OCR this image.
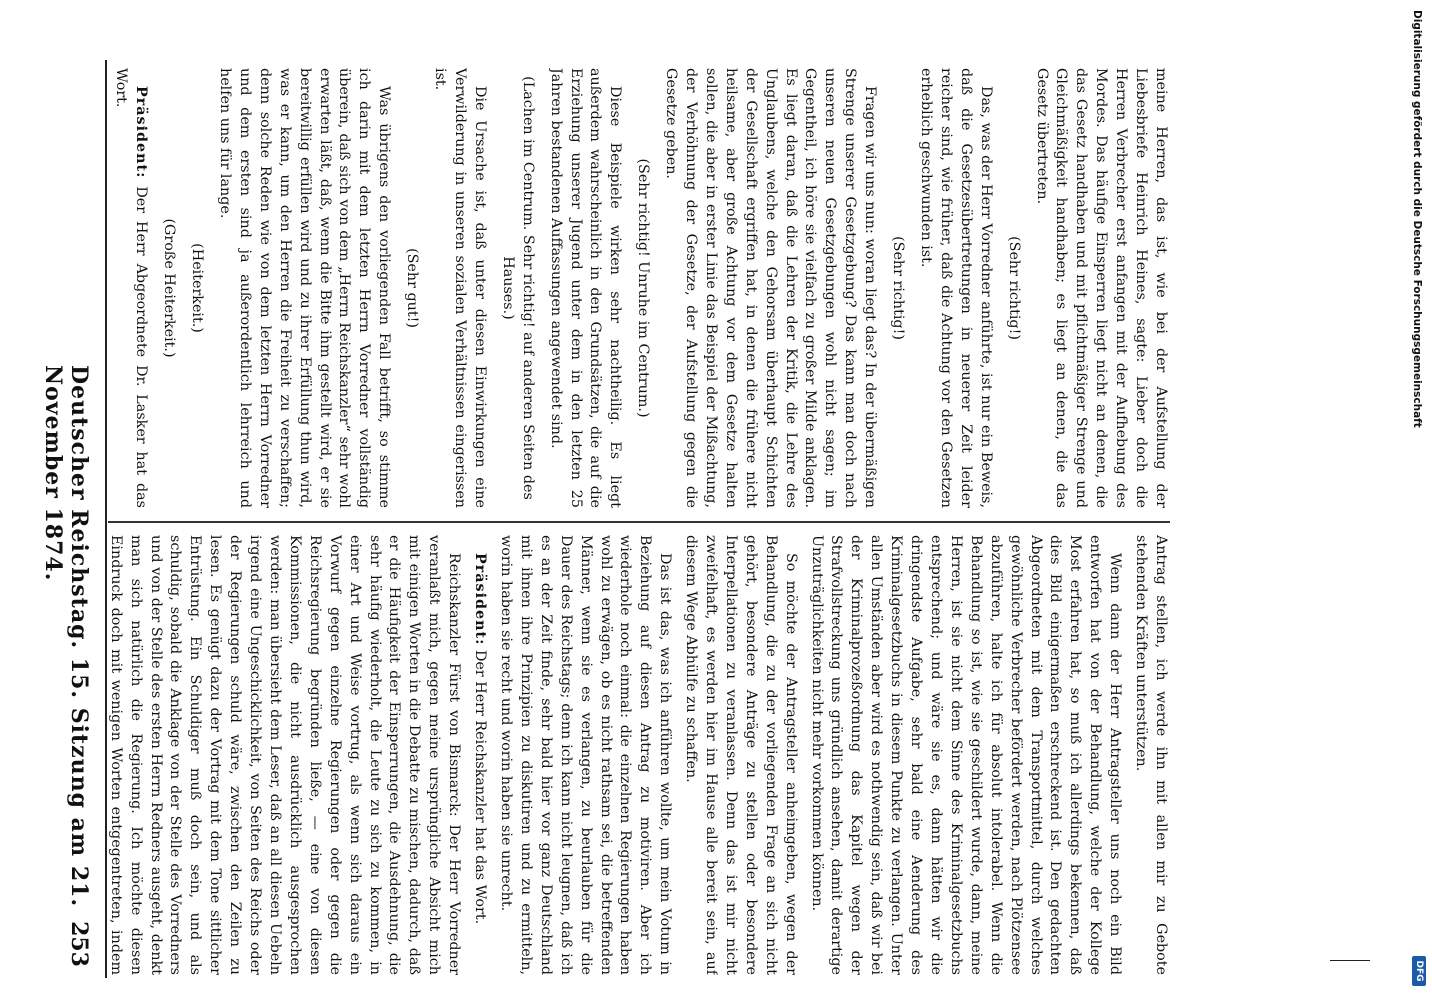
Digitalisierung gefördert durch die Deutsche Forschungsgemeinschaft
DFG
Deutscher Reichstag. 15. Sitzung am 21. November 1874.
253	Antrag stellen, ich werde ihn mit allen mir zu Gebote stehenden Kräften unterstützen.

Wenn dann der Herr Antragsteller uns noch ein Bild entworfen hat von der Behandlung, welche der Kollege Most erfahren hat, so muß ich allerdings bekennen, daß dies Bild einigermaßen erschreckend ist. Den gedachten Abgeordneten mit dem Transportmittel, durch welches gewöhnliche Verbrecher befördert werden, nach Plötzensee abzuführen, halte ich für absolut intolerabel. Wenn die Behandlung so ist, wie sie geschildert wurde, dann, meine Herren, ist sie nicht dem Sinne des Kriminalgesetzbuchs entsprechend; und wäre sie es, dann hätten wir die dringendste Aufgabe, sehr bald eine Aenderung des Kriminalgesetzbuchs in diesem Punkte zu verlangen. Unter allen Umständen aber wird es nothwendig sein, daß wir bei der Kriminalprozeßordnung das Kapitel wegen der Strafvollstreckung uns gründlich ansehen, damit derartige Unzuträglichkeiten nicht mehr vorkommen können.

So möchte der Antragsteller anheimgeben, wegen der Behandlung, die zu der vorliegenden Frage an sich nicht gehört, besondere Anträge zu stellen oder besondere Interpellationen zu veranlassen. Denn das ist mir nicht zweifelhaft, es werden hier im Hause alle bereit sein, auf diesem Wege Abhülfe zu schaffen.

Das ist das, was ich anführen wollte, um mein Votum in Beziehung auf diesen Antrag zu motiviren. Aber ich wiederhole noch einmal: die einzelnen Regierungen haben wohl zu erwägen, ob es nicht rathsam sei, die betreffenden Männer, wenn sie es verlangen, zu beurlauben für die Dauer des Reichstags; denn ich kann nicht leugnen, daß ich es an der Zeit finde, sehr bald hier vor ganz Deutschland mit ihnen ihre Prinzipien zu diskutiren und zu ermitteln, worin haben sie recht und worin haben sie unrecht.

Präsident: Der Herr Reichskanzler hat das Wort.

Reichskanzler Fürst von Bismarck: Der Herr Vorredner veranlaßt mich, gegen meine ursprüngliche Absicht mich mit einigen Worten in die Debatte zu mischen, dadurch, daß er die Häufigkeit der Einsperrungen, die Ausdehnung, die sehr häufig wiederholt, die Leute zu sich zu kommen, in einer Art und Weise vortrug, als wenn sich daraus ein Vorwurf gegen einzelne Regierungen oder gegen die Reichsregierung begründen ließe, — eine von diesen Kommissionen, die nicht ausdrücklich ausgesprochen werden: man übersieht dem Leser, daß an all diesen Uebeln irgend eine Ungeschicklichkeit, von Seiten des Reichs oder der Regierungen schuld wäre, zwischen den Zeilen zu lesen. Es genügt dazu der Vortrag mit dem Tone sittlicher Entrüstung. Ein Schuldiger muß doch sein, und als schuldig, sobald die Anklage von der Stelle des Vorredners und von der Stelle des ersten Herrn Redners ausgeht, denkt man sich natürlich die Regierung. Ich möchte diesen Eindruck doch mit wenigen Worten entgegentreten, indem

meine Herren, das ist, wie bei der Aufstellung der Liebesbriefe Heinrich Heines, sagte: Lieber doch die Herren Verbrecher erst anfangen mit der Aufhebung des Mordes. Das häufige Einsperren liegt nicht an denen, die das Gesetz handhaben und mit pflichtmäßiger Strenge und Gleichmäßigkeit handhaben; es liegt an denen, die das Gesetz übertreten.

(Sehr richtig!)

Das, was der Herr Vorredner anführte, ist nur ein Beweis, daß die Gesetzesübertretungen in neuerer Zeit leider reicher sind, wie früher, daß die Achtung vor den Gesetzen erheblich geschwunden ist.

(Sehr richtig!)

Fragen wir uns nun: woran liegt das? In der übermäßigen Strenge unserer Gesetzgebung? Das kann man doch nach unseren neuen Gesetzgebungen wohl nicht sagen; im Gegentheil, ich höre sie vielfach zu großer Milde anklagen. Es liegt daran, daß die Lehren der Kritik, die Lehre des Unglaubens, welche den Gehorsam überhaupt Schichten der Gesellschaft ergriffen hat, in denen die frühere nicht heilsame, aber große Achtung vor dem Gesetze halten sollen, die aber in erster Linie das Beispiel der Mißachtung, der Verhöhnung der Gesetze, der Aufstellung gegen die Gesetze geben.

(Sehr richtig! Unruhe im Centrum.)

Diese Beispiele wirken sehr nachtheilig. Es liegt außerdem wahrscheinlich in den Grundsätzen, die auf die Erziehung unserer Jugend unter dem in den letzten 25 Jahren bestandenen Auffassungen angewendet sind.

(Lachen im Centrum. Sehr richtig! auf anderen Seiten des Hauses.)

Die Ursache ist, daß unter diesen Einwirkungen eine Verwilderung in unseren sozialen Verhältnissen eingerissen ist.

(Sehr gut!)

Was übrigens den vorliegenden Fall betrifft, so stimme ich darin mit dem letzten Herrn Vorredner vollständig überein, daß sich von dem „Herrn Reichskanzler“ sehr wohl erwarten läßt, daß, wenn die Bitte ihm gestellt wird, er sie bereitwillig erfüllen wird und zu ihrer Erfüllung thun wird, was er kann, um den Herren die Freiheit zu verschaffen; denn solche Reden wie von dem letzten Herrn Vorredner und dem ersten sind ja außerordentlich lehrreich und helfen uns für lange.

(Heiterkeit.)

(Große Heiterkeit.)

Präsident: Der Herr Abgeordnete Dr. Lasker hat das Wort.
